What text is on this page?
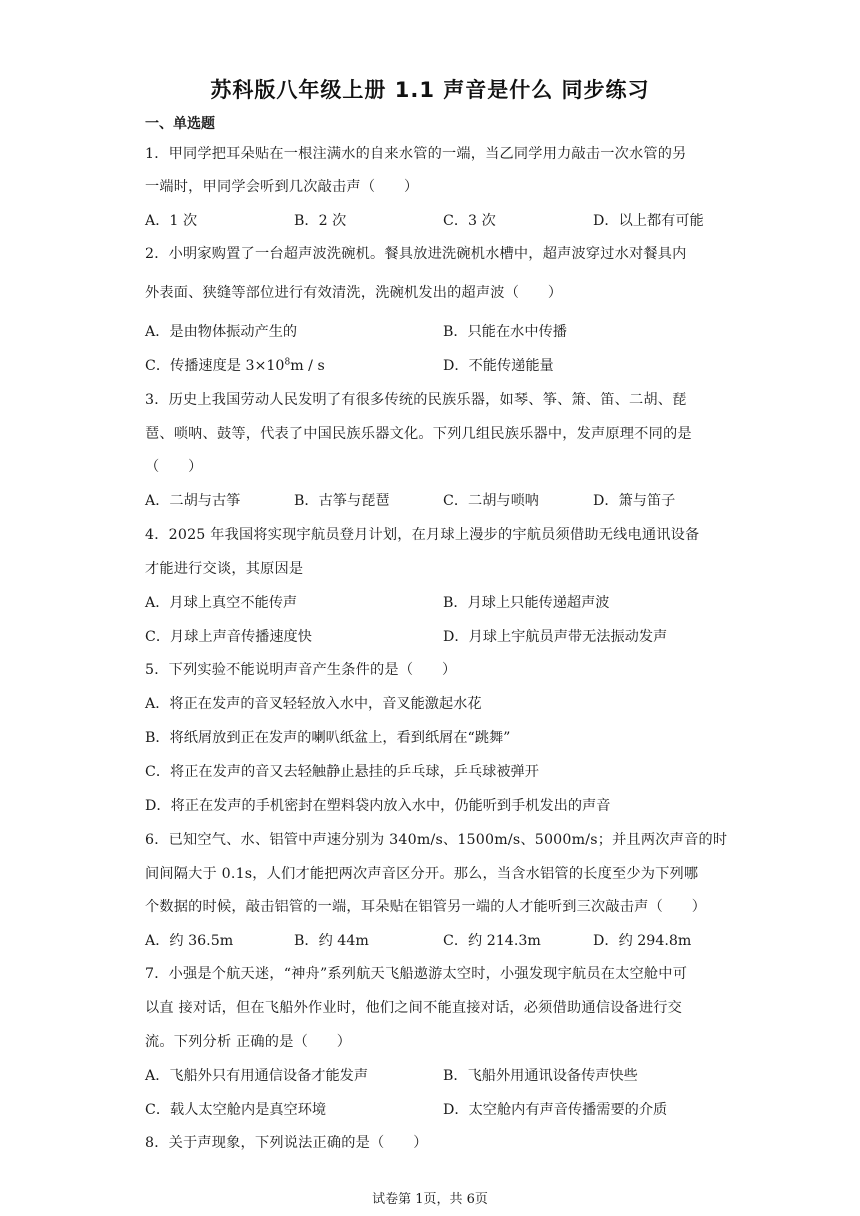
苏科版八年级上册 1.1 声音是什么 同步练习
一、单选题
1．甲同学把耳朵贴在一根注满水的自来水管的一端，当乙同学用力敲击一次水管的另
一端时，甲同学会听到几次敲击声（　　）
A．1 次	B．2 次	C．3 次	D．以上都有可能
2．小明家购置了一台超声波洗碗机。餐具放进洗碗机水槽中，超声波穿过水对餐具内
外表面、狭缝等部位进行有效清洗，洗碗机发出的超声波（　　）
A．是由物体振动产生的	B．只能在水中传播
C．传播速度是 $3\times 10^8m / s$	D．不能传递能量
3．历史上我国劳动人民发明了有很多传统的民族乐器，如琴、筝、箫、笛、二胡、琵
琶、唢呐、鼓等，代表了中国民族乐器文化。下列几组民族乐器中，发声原理不同的是
（　　）
A．二胡与古筝	B．古筝与琵琶	C．二胡与唢呐	D．箫与笛子
4．2025 年我国将实现宇航员登月计划，在月球上漫步的宇航员须借助无线电通讯设备
才能进行交谈，其原因是
A．月球上真空不能传声	B．月球上只能传递超声波
C．月球上声音传播速度快	D．月球上宇航员声带无法振动发声
5．下列实验不能说明声音产生条件的是（　　）
A．将正在发声的音叉轻轻放入水中，音叉能激起水花
B．将纸屑放到正在发声的喇叭纸盆上，看到纸屑在“跳舞”
C．将正在发声的音又去轻触静止悬挂的乒乓球，乒乓球被弹开
D．将正在发声的手机密封在塑料袋内放入水中，仍能听到手机发出的声音
6．已知空气、水、铝管中声速分别为 340m/s、1500m/s、5000m/s；并且两次声音的时
间间隔大于 0.1s，人们才能把两次声音区分开。那么，当含水铝管的长度至少为下列哪
个数据的时候，敲击铝管的一端，耳朵贴在铝管另一端的人才能听到三次敲击声（　　）
A．约 36.5m	B．约 44m	C．约 214.3m	D．约 294.8m
7．小强是个航天迷，“神舟”系列航天飞船遨游太空时，小强发现宇航员在太空舱中可
以直 接对话，但在飞船外作业时，他们之间不能直接对话，必须借助通信设备进行交
流。下列分析 正确的是（　　）
A．飞船外只有用通信设备才能发声	B．飞船外用通讯设备传声快些
C．载人太空舱内是真空环境	D．太空舱内有声音传播需要的介质
8．关于声现象，下列说法正确的是（　　）
试卷第 1页，共 6页
